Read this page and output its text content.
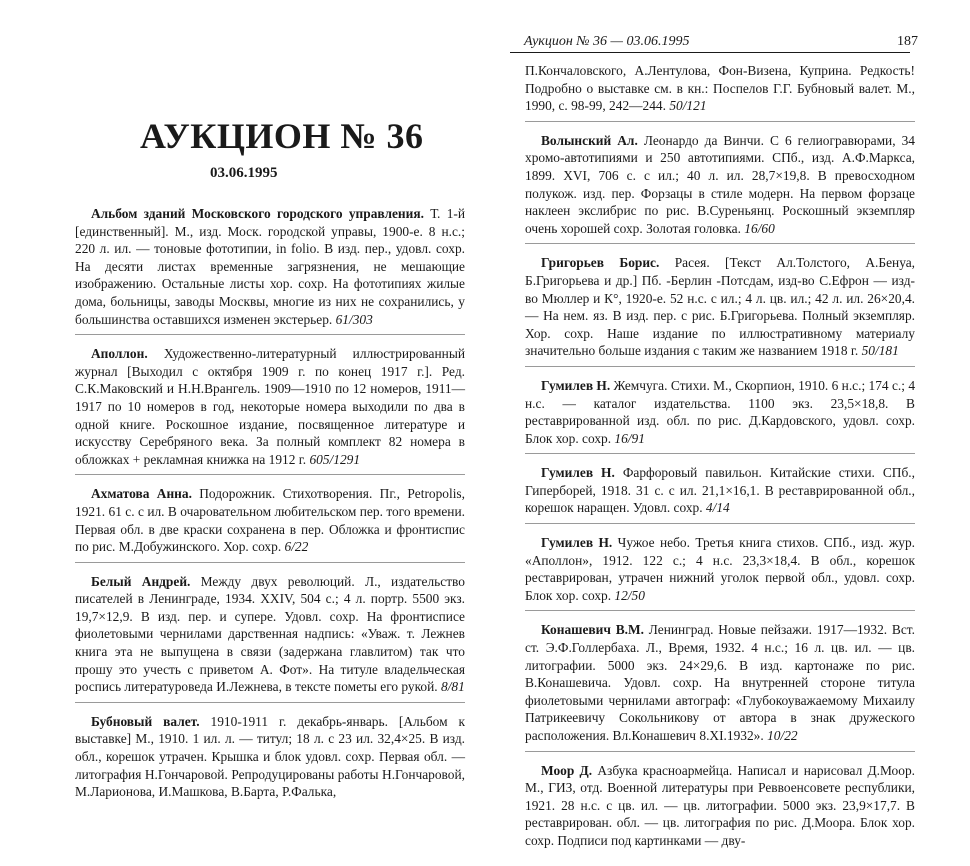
АУКЦИОН № 36
03.06.1995
Альбом зданий Московского городского управления. Т. 1-й [единственный]. М., изд. Моск. городской управы, 1900-е. 8 н.с.; 220 л. ил. — тоновые фототипии, in folio. В изд. пер., удовл. сохр. На десяти листах временные загрязнения, не мешающие изображению. Остальные листы хор. сохр. На фототипиях жилые дома, больницы, заводы Москвы, многие из них не сохранились, у большинства оставшихся изменен экстерьер. 61/303
Аполлон. Художественно-литературный иллюстрированный журнал [Выходил с октября 1909 г. по конец 1917 г.]. Ред. С.К.Маковский и Н.Н.Врангель. 1909—1910 по 12 номеров, 1911—1917 по 10 номеров в год, некоторые номера выходили по два в одной книге. Роскошное издание, посвященное литературе и искусству Серебряного века. За полный комплект 82 номера в обложках + рекламная книжка на 1912 г. 605/1291
Ахматова Анна. Подорожник. Стихотворения. Пг., Petropolis, 1921. 61 с. с ил. В очаровательном любительском пер. того времени. Первая обл. в две краски сохранена в пер. Обложка и фронтиспис по рис. М.Добужинского. Хор. сохр. 6/22
Белый Андрей. Между двух революций. Л., издательство писателей в Ленинграде, 1934. XXIV, 504 с.; 4 л. портр. 5500 экз. 19,7×12,9. В изд. пер. и супере. Удовл. сохр. На фронтисписе фиолетовыми чернилами дарственная надпись: «Уваж. т. Лежнев книга эта не выпущена в связи (задержана главлитом) так что прошу это учесть с приветом А. Фот». На титуле владельческая роспись литературоведа И.Лежнева, в тексте пометы его рукой. 8/81
Бубновый валет. 1910-1911 г. декабрь-январь. [Альбом к выставке] М., 1910. 1 ил. л. — титул; 18 л. с 23 ил. 32,4×25. В изд. обл., корешок утрачен. Крышка и блок удовл. сохр. Первая обл. — литография Н.Гончаровой. Репродуцированы работы Н.Гончаровой, М.Ларионова, И.Машкова, В.Барта, Р.Фалька,
Аукцион № 36 — 03.06.1995	187
П.Кончаловского, А.Лентулова, Фон-Визена, Куприна. Редкость! Подробно о выставке см. в кн.: Поспелов Г.Г. Бубновый валет. М., 1990, с. 98-99, 242—244. 50/121
Волынский Ал. Леонардо да Винчи. С 6 гелиогравюрами, 34 хромо-автотипиями и 250 автотипиями. СПб., изд. А.Ф.Маркса, 1899. XVI, 706 с. с ил.; 40 л. ил. 28,7×19,8. В превосходном полукож. изд. пер. Форзацы в стиле модерн. На первом форзаце наклеен экслибрис по рис. В.Суреньянц. Роскошный экземпляр очень хорошей сохр. Золотая головка. 16/60
Григорьев Борис. Расея. [Текст Ал.Толстого, А.Бенуа, Б.Григорьева и др.] Пб. -Берлин -Потсдам, изд-во С.Ефрон — изд-во Мюллер и К°, 1920-е. 52 н.с. с ил.; 4 л. цв. ил.; 42 л. ил. 26×20,4.— На нем. яз. В изд. пер. с рис. Б.Григорьева. Полный экземпляр. Хор. сохр. Наше издание по иллюстративному материалу значительно больше издания с таким же названием 1918 г. 50/181
Гумилев Н. Жемчуга. Стихи. М., Скорпион, 1910. 6 н.с.; 174 с.; 4 н.с. — каталог издательства. 1100 экз. 23,5×18,8. В реставрированной изд. обл. по рис. Д.Кардовского, удовл. сохр. Блок хор. сохр. 16/91
Гумилев Н. Фарфоровый павильон. Китайские стихи. СПб., Гиперборей, 1918. 31 с. с ил. 21,1×16,1. В реставрированной обл., корешок наращен. Удовл. сохр. 4/14
Гумилев Н. Чужое небо. Третья книга стихов. СПб., изд. жур. «Аполлон», 1912. 122 с.; 4 н.с. 23,3×18,4. В обл., корешок реставрирован, утрачен нижний уголок первой обл., удовл. сохр. Блок хор. сохр. 12/50
Конашевич В.М. Ленинград. Новые пейзажи. 1917—1932. Вст. ст. Э.Ф.Голлербаха. Л., Время, 1932. 4 н.с.; 16 л. цв. ил. — цв. литографии. 5000 экз. 24×29,6. В изд. картонаже по рис. В.Конашевича. Удовл. сохр. На внутренней стороне титула фиолетовыми чернилами автограф: «Глубокоуважаемому Михаилу Патрикеевичу Сокольникову от автора в знак дружеского расположения. Вл.Конашевич 8.XI.1932». 10/22
Моор Д. Азбука красноармейца. Написал и нарисовал Д.Моор. М., ГИЗ, отд. Военной литературы при Реввоенсовете республики, 1921. 28 н.с. с цв. ил. — цв. литографии. 5000 экз. 23,9×17,7. В реставрирован. обл. — цв. литография по рис. Д.Моора. Блок хор. сохр. Подписи под картинками — дву-
